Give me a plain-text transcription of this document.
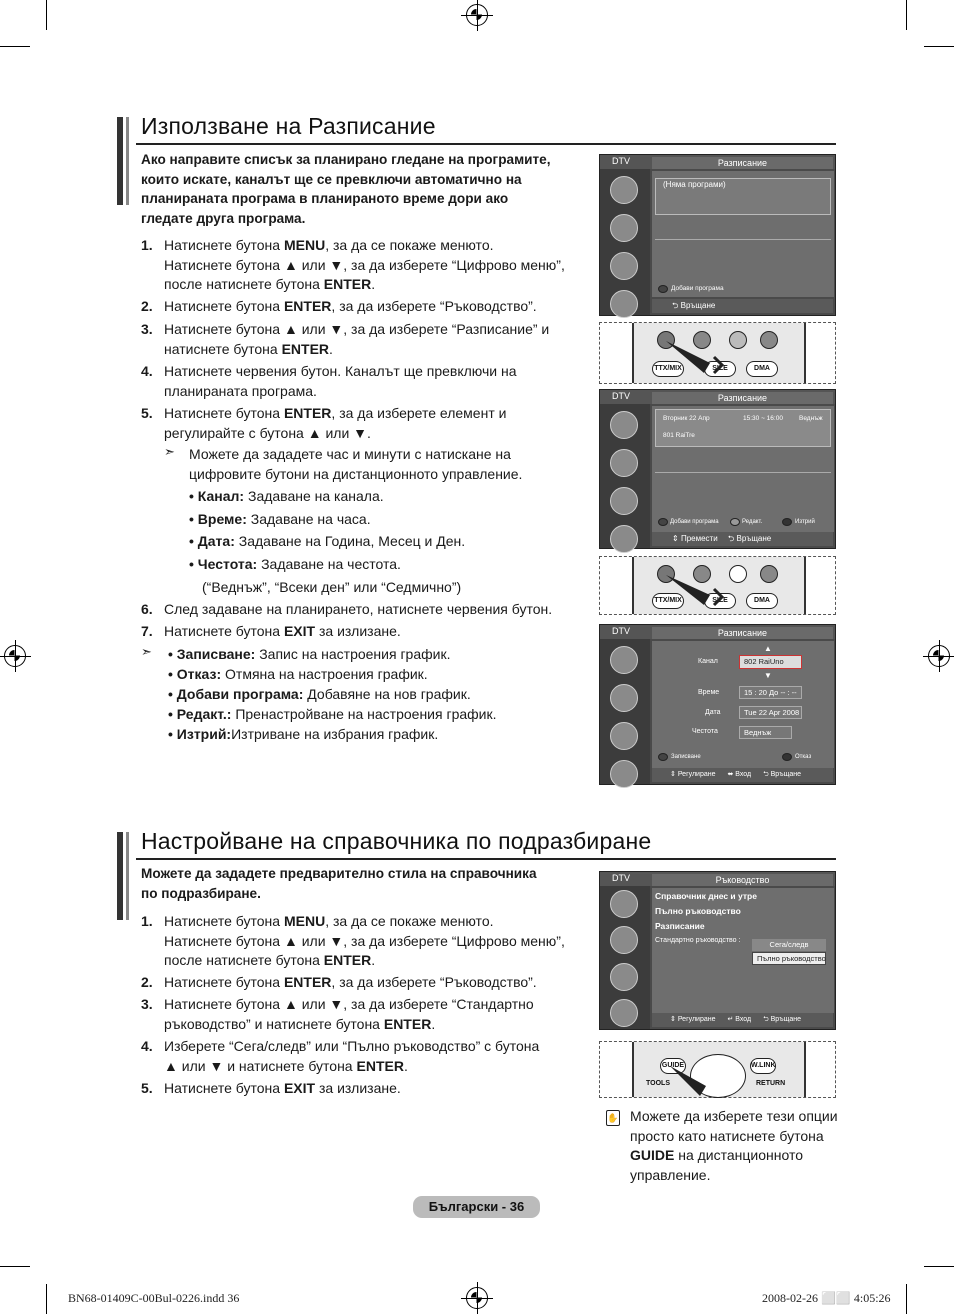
Използване на Разписание
Ако направите списък за планирано гледане на програмите,
които искате, каналът ще се превключи автоматично на
планираната програма в планираното време дори ако
гледате друга програма.
1. Натиснете бутона MENU, за да се покаже менюто.
Натиснете бутона ▲ или ▼, за да изберете “Цифрово меню”,
после натиснете бутона ENTER.
2. Натиснете бутона ENTER, за да изберете “Ръководство”.
3. Натиснете бутона ▲ или ▼, за да изберете “Разписание” и
натиснете бутона ENTER.
4. Натиснете червения бутон. Каналът ще превключи на
планираната програма.
5. Натиснете бутона ENTER, за да изберете елемент и
регулирайте с бутона ▲ или ▼.
➣ Можете да зададете час и минути с натискане на
цифровите бутони на дистанционното управление.
• Канал: Задаване на канала.
• Време: Задаване на часа.
• Дата: Задаване на Година, Месец и Ден.
• Честота: Задаване на честота.
(“Веднъж”, “Всеки ден” или “Седмично”)
6. След задаване на планирането, натиснете червения бутон.
7. Натиснете бутона EXIT за излизане.
➣ • Записване: Запис на настроения график.
• Отказ: Отмяна на настроения график.
• Добави програма: Добавяне на нов график.
• Редакт.: Пренастройване на настроения график.
• Изтрий:Изтриване на избрания график.
DTV	Разписание
(Няма програми)
Добави програма
⮌ Връщане
TTX/MIX	SIZE	DMA
DTV	Разписание
Вторник 22 Апр	15:30 ~ 16:00 Веднъж
801 RaiTre
Добави програма	Редакт.	Изтрий
⇕ Премести ⮌ Връщане
TTX/MIX	SIZE	DMA
DTV	Разписание
▲
Канал	802 RaiUno
▼
Време	15 : 20 До -- : --
Дата	Tue 22 Apr 2008
Честота	Веднъж
Записване	Отказ
⇕ Регулиране ⬌ Вход ⮌ Връщане
Настройване на справочника по подразбиране
Можете да зададете предварително стила на справочника
по подразбиране.
1. Натиснете бутона MENU, за да се покаже менюто.
Натиснете бутона ▲ или ▼, за да изберете “Цифрово меню”,
после натиснете бутона ENTER.
2. Натиснете бутона ENTER, за да изберете “Ръководство”.
3. Натиснете бутона ▲ или ▼, за да изберете “Стандартно
ръководство” и натиснете бутона ENTER.
4. Изберете “Сега/следв” или “Пълно ръководство” с бутона
▲ или ▼ и натиснете бутона ENTER.
5. Натиснете бутона EXIT за излизане.
DTV	Ръководство
Справочник днес и утре
Пълно ръководство
Разписание
Стандартно ръководство :	Сега/следв
Пълно ръководство
⇕ Регулиране ↵ Вход ⮌ Връщане
GUIDE	W.LINK
TOOLS	RETURN
✋ Можете да изберете тези опции
просто като натиснете бутона
GUIDE на дистанционното
управление.
Български - 36
BN68-01409C-00Bul-0226.indd 36	2008-02-26 ⬜⬜ 4:05:26
